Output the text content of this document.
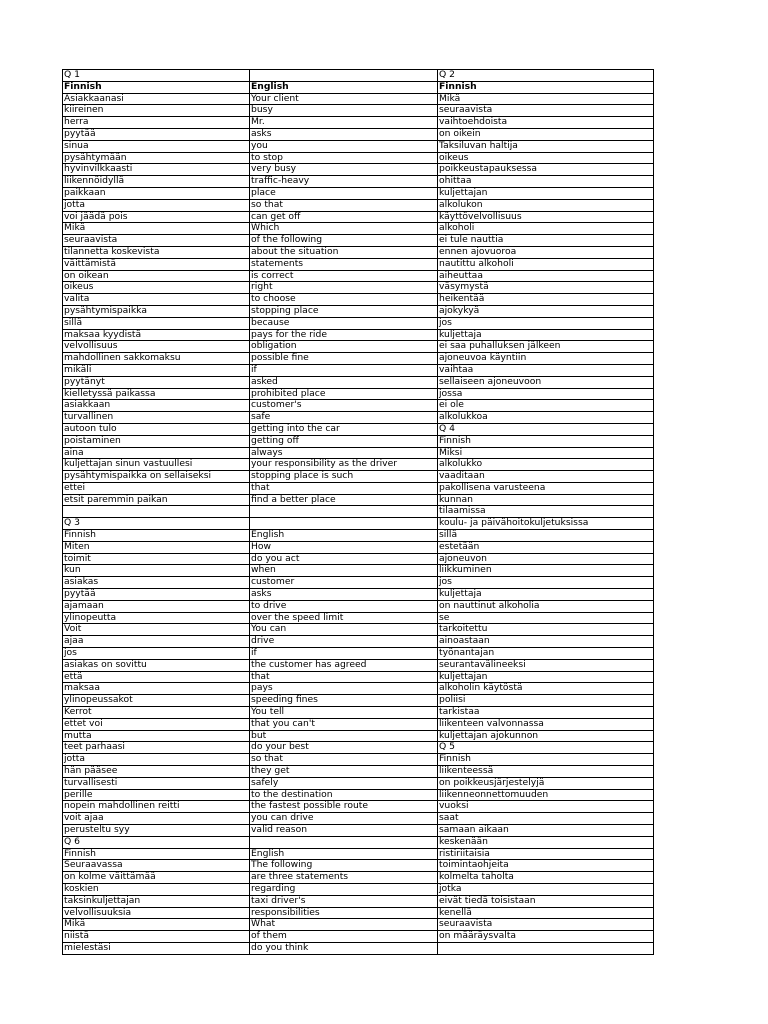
Q 1		Q 2
Finnish	English	Finnish
Asiakkaanasi	Your client	Mikä
kiireinen	busy	seuraavista
herra	Mr.	vaihtoehdoista
pyytää	asks	on oikein
sinua	you	Taksiluvan haltija
pysähtymään	to stop	oikeus
hyvinvilkkaasti	very busy	poikkeustapauksessa
liikennöidyllä	traffic-heavy	ohittaa
paikkaan	place	kuljettajan
jotta	so that	alkolukon
voi jäädä pois	can get off	käyttövelvollisuus
Mikä	Which	alkoholi
seuraavista	of the following	ei tule nauttia
tilannetta koskevista	about the situation	ennen ajovuoroa
väittämistä	statements	nautittu alkoholi
on oikean	is correct	aiheuttaa
oikeus	right	väsymystä
valita	to choose	heikentää
pysähtymispaikka	stopping place	ajokykyä
sillä	because	jos
maksaa kyydistä	pays for the ride	kuljettaja
velvollisuus	obligation	ei saa puhalluksen jälkeen
mahdollinen sakkomaksu	possible fine	ajoneuvoa käyntiin
mikäli	if	vaihtaa
pyytänyt	asked	sellaiseen ajoneuvoon
kielletyssä paikassa	prohibited place	jossa
asiakkaan	customer's	ei ole
turvallinen	safe	alkolukkoa
autoon tulo	getting into the car	Q 4
poistaminen	getting off	Finnish
aina	always	Miksi
kuljettajan sinun vastuullesi	your responsibility as the driver	alkolukko
pysähtymispaikka on sellaiseksi	stopping place is such	vaaditaan
ettei	that	pakollisena varusteena
etsit paremmin paikan	find a better place	kunnan
		tilaamissa
Q 3		koulu- ja päivähoitokuljetuksissa
Finnish	English	sillä
Miten	How	estetään
toimit	do you act	ajoneuvon
kun	when	liikkuminen
asiakas	customer	jos
pyytää	asks	kuljettaja
ajamaan	to drive	on nauttinut alkoholia
ylinopeutta	over the speed limit	se
Voit	You can	tarkoitettu
ajaa	drive	ainoastaan
jos	if	työnantajan
asiakas on sovittu	the customer has agreed	seurantavälineeksi
että	that	kuljettajan
maksaa	pays	alkoholin käytöstä
ylinopeussakot	speeding fines	poliisi
Kerrot	You tell	tarkistaa
ettet voi	that you can't	liikenteen valvonnassa
mutta	but	kuljettajan ajokunnon
teet parhaasi	do your best	Q 5
jotta	so that	Finnish
hän pääsee	they get	liikenteessä
turvallisesti	safely	on poikkeusjärjestelyjä
perille	to the destination	liikenneonnettomuuden
nopein mahdollinen reitti	the fastest possible route	vuoksi
voit ajaa	you can drive	saat
perusteltu syy	valid reason	samaan aikaan
Q 6		keskenään
Finnish	English	ristiriitaisia
Seuraavassa	The following	toimintaohjeita
on kolme väittämää	are three statements	kolmelta taholta
koskien	regarding	jotka
taksinkuljettajan	taxi driver's	eivät tiedä toisistaan
velvollisuuksia	responsibilities	kenellä
Mikä	What	seuraavista
niistä	of them	on määräysvalta
mielestäsi	do you think	
